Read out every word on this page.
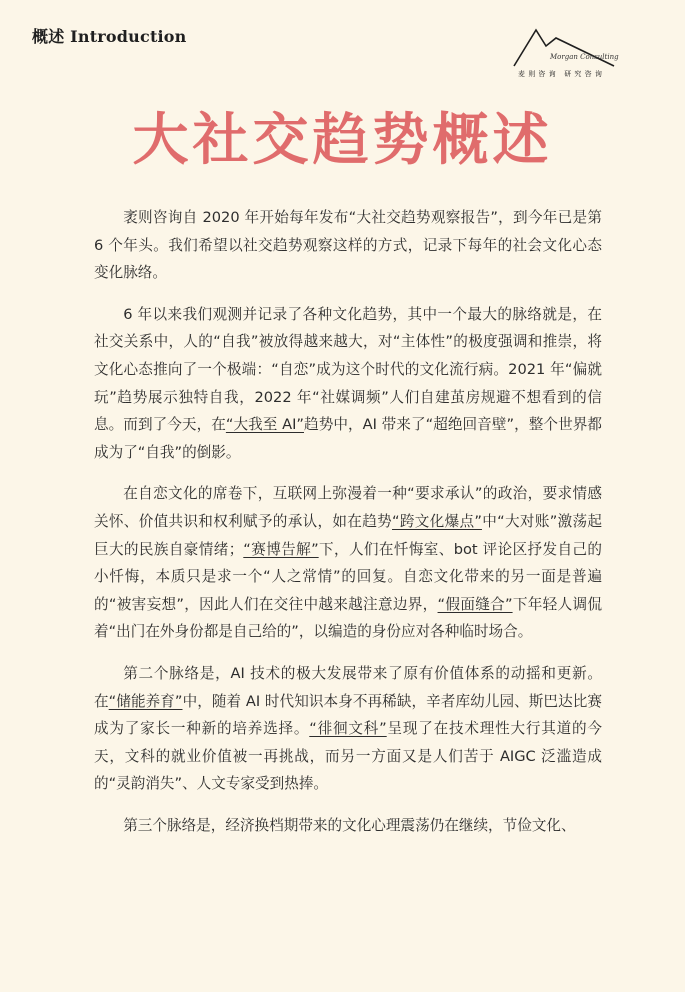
概述 Introduction
Morgan Consulting
麦则咨询 研究咨询
大社交趋势概述

袤则咨询自 2020 年开始每年发布“大社交趋势观察报告”，到今年已是第 6 个年头。我们希望以社交趋势观察这样的方式，记录下每年的社会文化心态变化脉络。

6 年以来我们观测并记录了各种文化趋势，其中一个最大的脉络就是，在社交关系中，人的“自我”被放得越来越大，对“主体性”的极度强调和推崇，将文化心态推向了一个极端：“自恋”成为这个时代的文化流行病。2021 年“偏就玩”趋势展示独特自我，2022 年“社媒调频”人们自建茧房规避不想看到的信息。而到了今天，在“大我至 AI”趋势中，AI 带来了“超绝回音壁”，整个世界都成为了“自我”的倒影。

在自恋文化的席卷下，互联网上弥漫着一种“要求承认”的政治，要求情感关怀、价值共识和权利赋予的承认，如在趋势“跨文化爆点”中“大对账”激荡起巨大的民族自豪情绪；“赛博告解”下，人们在忏悔室、bot 评论区抒发自己的小忏悔，本质只是求一个“人之常情”的回复。自恋文化带来的另一面是普遍的“被害妄想”，因此人们在交往中越来越注意边界，“假面缝合”下年轻人调侃着“出门在外身份都是自己给的”，以编造的身份应对各种临时场合。

第二个脉络是，AI 技术的极大发展带来了原有价值体系的动摇和更新。在“储能养育”中，随着 AI 时代知识本身不再稀缺，辛者库幼儿园、斯巴达比赛成为了家长一种新的培养选择。“徘徊文科”呈现了在技术理性大行其道的今天，文科的就业价值被一再挑战，而另一方面又是人们苦于 AIGC 泛滥造成的“灵韵消失”、人文专家受到热捧。

第三个脉络是，经济换档期带来的文化心理震荡仍在继续，节俭文化、
